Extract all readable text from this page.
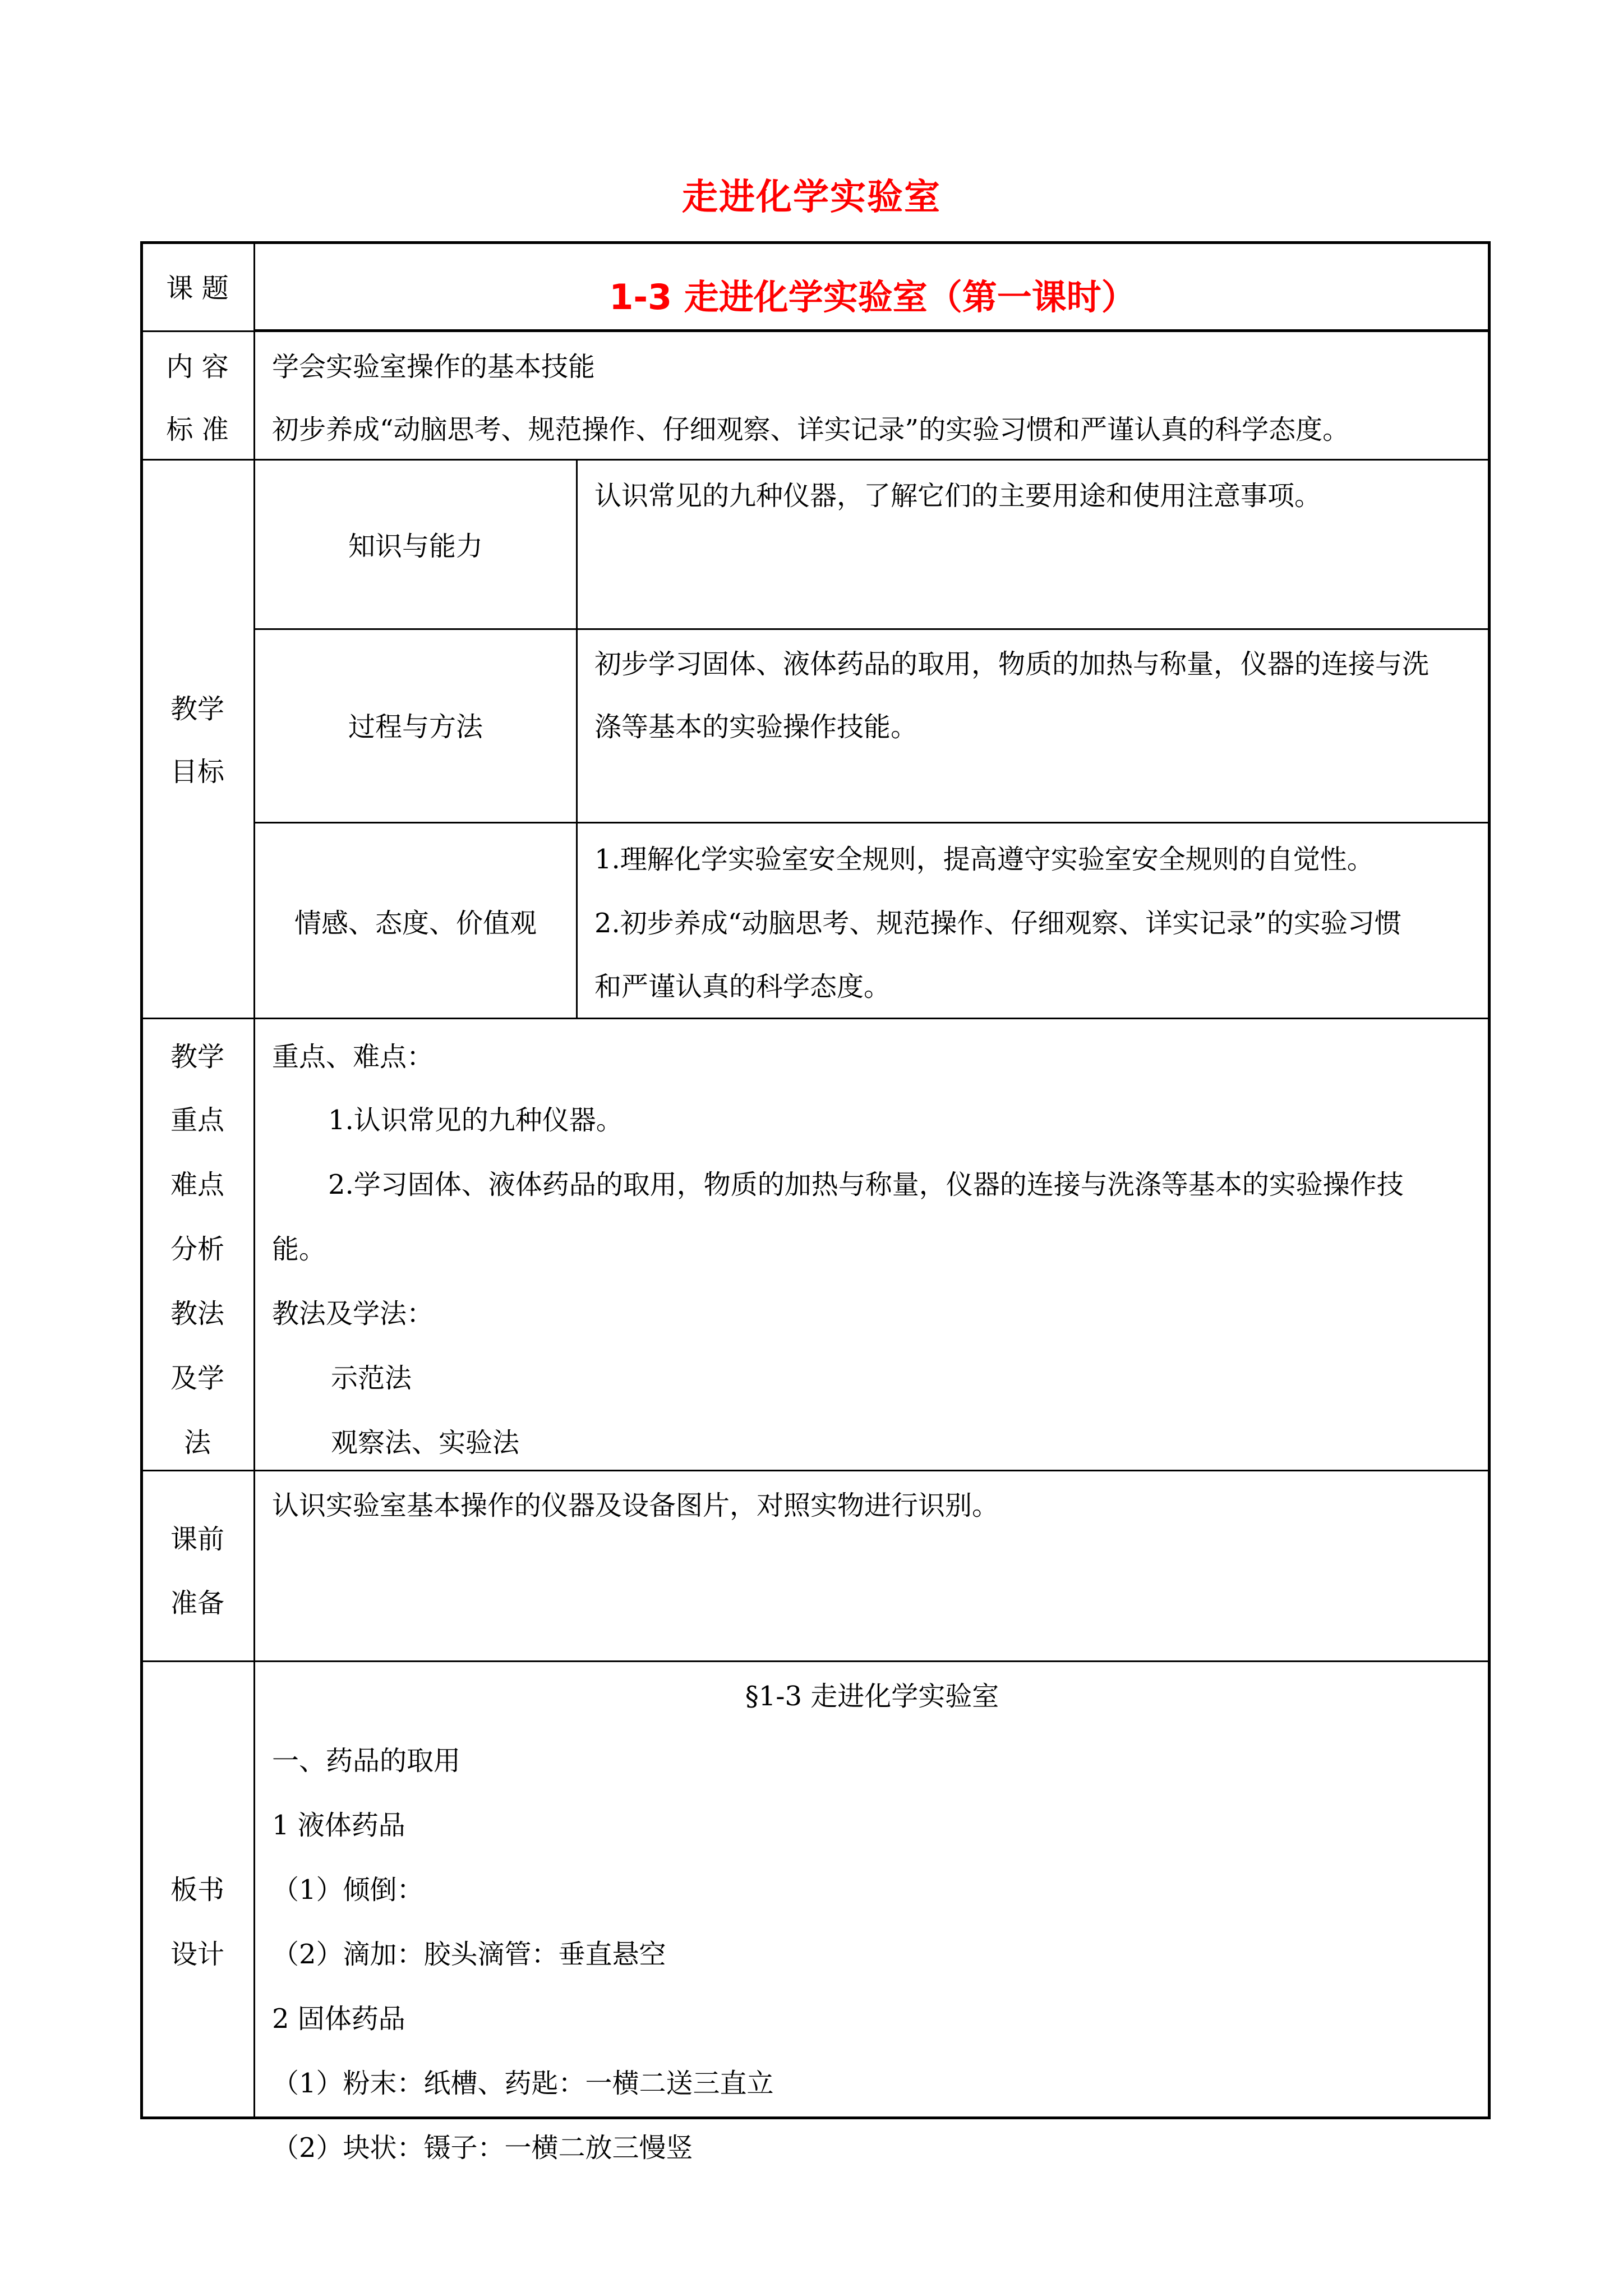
走进化学实验室
课 题	1-3 走进化学实验室（第一课时）
内 容
标 准
学会实验室操作的基本技能
初步养成“动脑思考、规范操作、仔细观察、详实记录”的实验习惯和严谨认真的科学态度。
教学
目标
知识与能力
认识常见的九种仪器，了解它们的主要用途和使用注意事项。
过程与方法
初步学习固体、液体药品的取用，物质的加热与称量，仪器的连接与洗
涤等基本的实验操作技能。
情感、态度、价值观
1.理解化学实验室安全规则，提高遵守实验室安全规则的自觉性。
2.初步养成“动脑思考、规范操作、仔细观察、详实记录”的实验习惯
和严谨认真的科学态度。
教学
重点
难点
分析
教法
及学
法
重点、难点：
1.认识常见的九种仪器。
2.学习固体、液体药品的取用，物质的加热与称量，仪器的连接与洗涤等基本的实验操作技
能。
教法及学法：
示范法
观察法、实验法
课前
准备
认识实验室基本操作的仪器及设备图片，对照实物进行识别。
板书
设计
§1-3 走进化学实验室
一、药品的取用
1 液体药品
（1）倾倒：
（2）滴加：胶头滴管：垂直悬空
2 固体药品
（1）粉末：纸槽、药匙：一横二送三直立
（2）块状：镊子：一横二放三慢竖
